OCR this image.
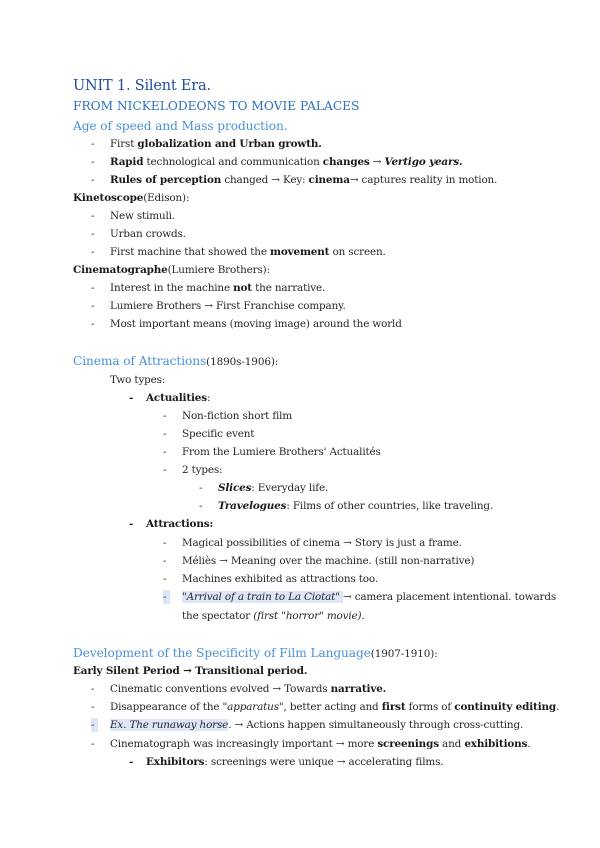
UNIT 1. Silent Era.
FROM NICKELODEONS TO MOVIE PALACES
Age of speed and Mass production.
- First globalization and Urban growth.
- Rapid technological and communication changes → Vertigo years.
- Rules of perception changed → Key: cinema→ captures reality in motion.
Kinetoscope(Edison):
- New stimuli.
- Urban crowds.
- First machine that showed the movement on screen.
Cinematographe(Lumiere Brothers):
- Interest in the machine not the narrative.
- Lumiere Brothers → First Franchise company.
- Most important means (moving image) around the world
Cinema of Attractions(1890s-1906):
Two types:
- Actualities:
- Non-fiction short film
- Specific event
- From the Lumiere Brothers' Actualités
- 2 types:
- Slices: Everyday life.
- Travelogues: Films of other countries, like traveling.
- Attractions:
- Magical possibilities of cinema → Story is just a frame.
- Méliès → Meaning over the machine. (still non-narrative)
- Machines exhibited as attractions too.
- "Arrival of a train to La Ciotat" → camera placement intentional. towards
the spectator (first "horror" movie).
Development of the Specificity of Film Language(1907-1910):
Early Silent Period → Transitional period.
- Cinematic conventions evolved → Towards narrative.
- Disappearance of the "apparatus", better acting and first forms of continuity editing.
- Ex. The runaway horse. → Actions happen simultaneously through cross-cutting.
- Cinematograph was increasingly important → more screenings and exhibitions.
- Exhibitors: screenings were unique → accelerating films.
